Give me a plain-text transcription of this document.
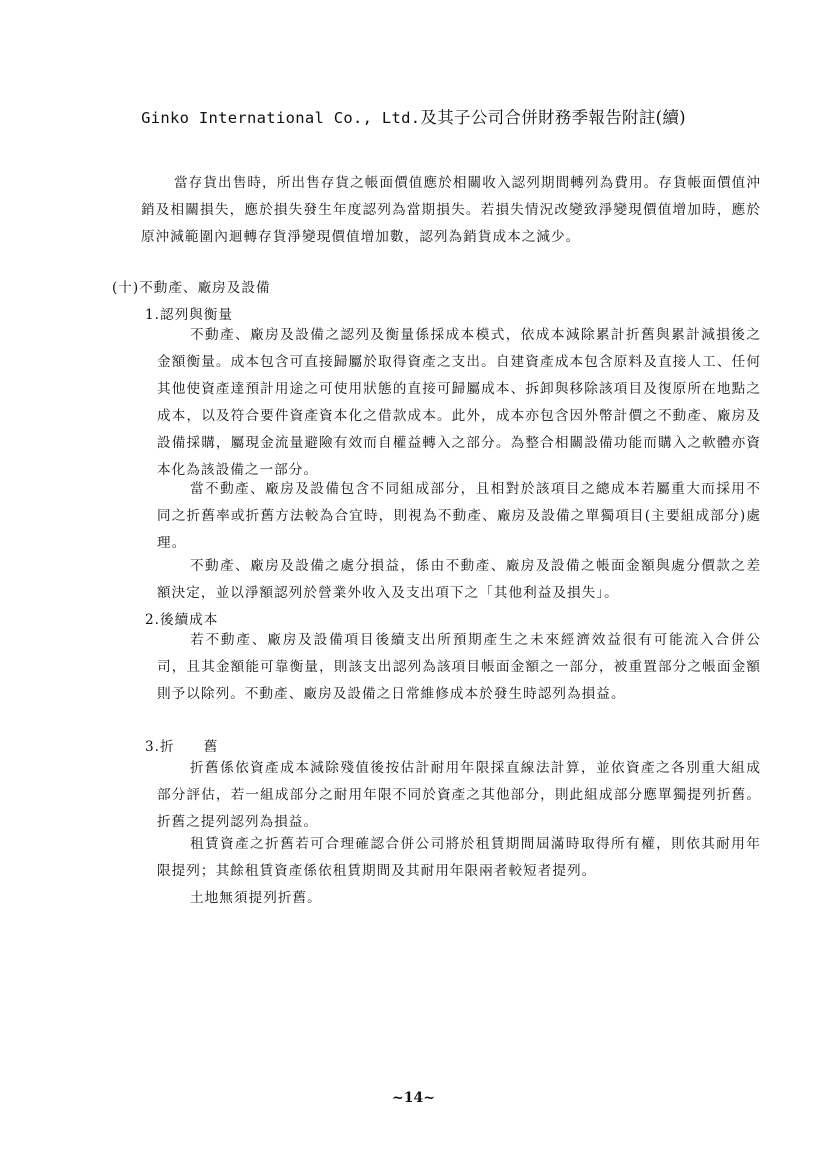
Ginko International Co., Ltd.及其子公司合併財務季報告附註(續)

當存貨出售時，所出售存貨之帳面價值應於相關收入認列期間轉列為費用。存貨帳面價值沖銷及相關損失，應於損失發生年度認列為當期損失。若損失情況改變致淨變現價值增加時，應於原沖減範圍內迴轉存貨淨變現價值增加數，認列為銷貨成本之減少。

(十)不動產、廠房及設備
1.認列與衡量

不動產、廠房及設備之認列及衡量係採成本模式，依成本減除累計折舊與累計減損後之金額衡量。成本包含可直接歸屬於取得資產之支出。自建資產成本包含原料及直接人工、任何其他使資產達預計用途之可使用狀態的直接可歸屬成本、拆卸與移除該項目及復原所在地點之成本，以及符合要件資產資本化之借款成本。此外，成本亦包含因外幣計價之不動產、廠房及設備採購，屬現金流量避險有效而自權益轉入之部分。為整合相關設備功能而購入之軟體亦資本化為該設備之一部分。

當不動產、廠房及設備包含不同組成部分，且相對於該項目之總成本若屬重大而採用不同之折舊率或折舊方法較為合宜時，則視為不動產、廠房及設備之單獨項目(主要組成部分)處理。

不動產、廠房及設備之處分損益，係由不動產、廠房及設備之帳面金額與處分價款之差額決定，並以淨額認列於營業外收入及支出項下之「其他利益及損失」。

2.後續成本

若不動產、廠房及設備項目後續支出所預期產生之未來經濟效益很有可能流入合併公司，且其金額能可靠衡量，則該支出認列為該項目帳面金額之一部分，被重置部分之帳面金額則予以除列。不動產、廠房及設備之日常維修成本於發生時認列為損益。

3.折　　舊

折舊係依資產成本減除殘值後按估計耐用年限採直線法計算，並依資產之各別重大組成部分評估，若一組成部分之耐用年限不同於資產之其他部分，則此組成部分應單獨提列折舊。折舊之提列認列為損益。

租賃資產之折舊若可合理確認合併公司將於租賃期間屆滿時取得所有權，則依其耐用年限提列；其餘租賃資產係依租賃期間及其耐用年限兩者較短者提列。

土地無須提列折舊。

~14~
